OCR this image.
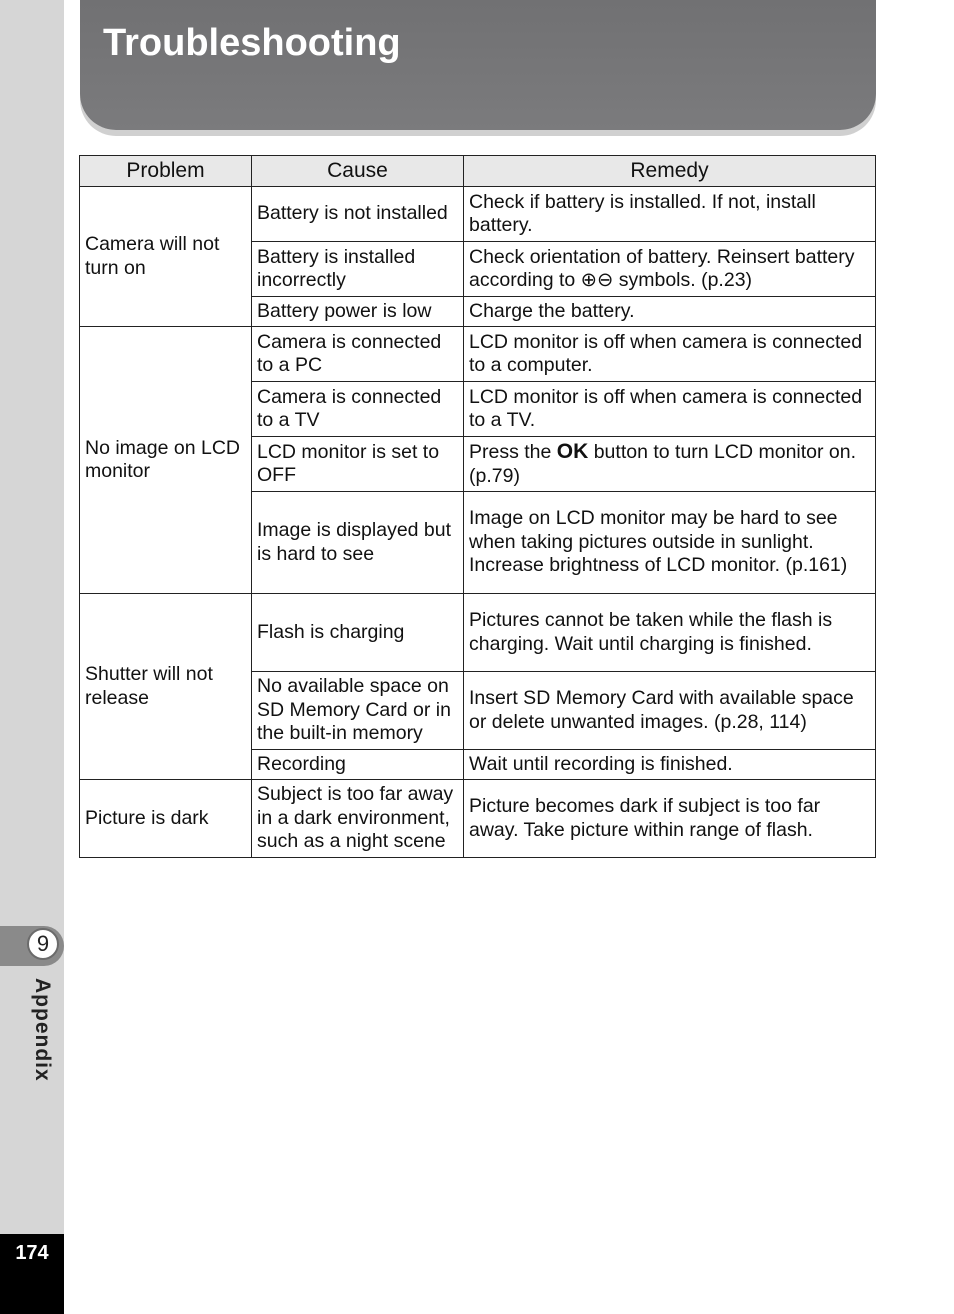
9
Appendix
174
Troubleshooting
Problem	Cause	Remedy
Camera will not turn on	Battery is not installed	Check if battery is installed. If not, install battery.
	Battery is installed incorrectly	Check orientation of battery. Reinsert battery according to ⊕⊖ symbols. (p.23)
	Battery power is low	Charge the battery.
No image on LCD monitor	Camera is connected to a PC	LCD monitor is off when camera is connected to a computer.
	Camera is connected to a TV	LCD monitor is off when camera is connected to a TV.
	LCD monitor is set to OFF	Press the OK button to turn LCD monitor on. (p.79)
	Image is displayed but is hard to see	Image on LCD monitor may be hard to see when taking pictures outside in sunlight. Increase brightness of LCD monitor. (p.161)
Shutter will not release	Flash is charging	Pictures cannot be taken while the flash is charging. Wait until charging is finished.
	No available space on SD Memory Card or in the built-in memory	Insert SD Memory Card with available space or delete unwanted images. (p.28, 114)
	Recording	Wait until recording is finished.
Picture is dark	Subject is too far away in a dark environment, such as a night scene	Picture becomes dark if subject is too far away. Take picture within range of flash.
